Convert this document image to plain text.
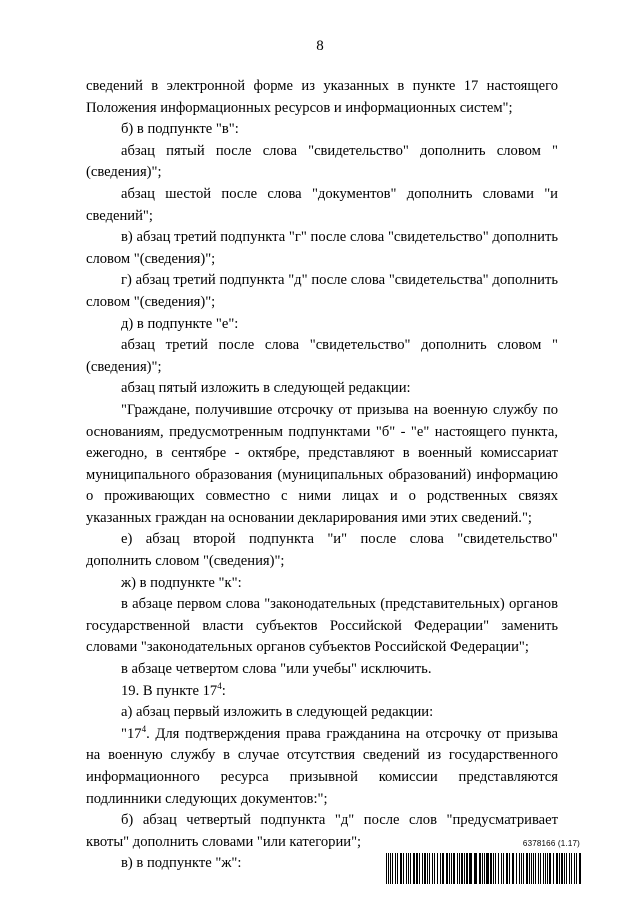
8

сведений в электронной форме из указанных в пункте 17 настоящего Положения информационных ресурсов и информационных систем";

б) в подпункте "в":

абзац пятый после слова "свидетельство" дополнить словом "(сведения)";

абзац шестой после слова "документов" дополнить словами "и сведений";

в) абзац третий подпункта "г" после слова "свидетельство" дополнить словом "(сведения)";

г) абзац третий подпункта "д" после слова "свидетельства" дополнить словом "(сведения)";

д) в подпункте "е":

абзац третий после слова "свидетельство" дополнить словом "(сведения)";

абзац пятый изложить в следующей редакции:

"Граждане, получившие отсрочку от призыва на военную службу по основаниям, предусмотренным подпунктами "б" - "е" настоящего пункта, ежегодно, в сентябре - октябре, представляют в военный комиссариат муниципального образования (муниципальных образований) информацию о проживающих совместно с ними лицах и о родственных связях указанных граждан на основании декларирования ими этих сведений.";

е) абзац второй подпункта "и" после слова "свидетельство" дополнить словом "(сведения)";

ж) в подпункте "к":

в абзаце первом слова "законодательных (представительных) органов государственной власти субъектов Российской Федерации" заменить словами "законодательных органов субъектов Российской Федерации";

в абзаце четвертом слова "или учебы" исключить.

19. В пункте $17^4$:

а) абзац первый изложить в следующей редакции:

"$17^4$. Для подтверждения права гражданина на отсрочку от призыва на военную службу в случае отсутствия сведений из государственного информационного ресурса призывной комиссии представляются подлинники следующих документов:";

б) абзац четвертый подпункта "д" после слов "предусматривает квоты" дополнить словами "или категории";

в) в подпункте "ж":

6378166 (1.17)
